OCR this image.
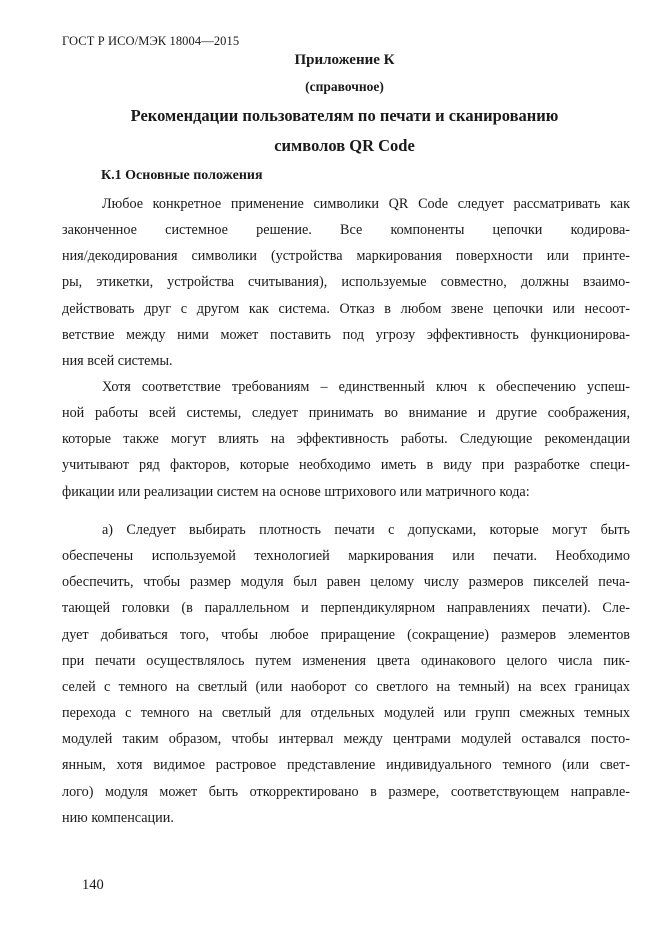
ГОСТ Р ИСО/МЭК 18004—2015
Приложение К
(справочное)
Рекомендации пользователям по печати и сканированию
символов QR Code
К.1 Основные положения
Любое конкретное применение символики QR Code следует рассматривать как
законченное системное решение. Все компоненты цепочки кодирова-
ния/декодирования символики (устройства маркирования поверхности или принте-
ры, этикетки, устройства считывания), используемые совместно, должны взаимо-
действовать друг с другом как система. Отказ в любом звене цепочки или несоот-
ветствие между ними может поставить под угрозу эффективность функционирова-
ния всей системы.
Хотя соответствие требованиям – единственный ключ к обеспечению успеш-
ной работы всей системы, следует принимать во внимание и другие соображения,
которые также могут влиять на эффективность работы. Следующие рекомендации
учитывают ряд факторов, которые необходимо иметь в виду при разработке специ-
фикации или реализации систем на основе штрихового или матричного кода:
а) Следует выбирать плотность печати с допусками, которые могут быть
обеспечены используемой технологией маркирования или печати. Необходимо
обеспечить, чтобы размер модуля был равен целому числу размеров пикселей печа-
тающей головки (в параллельном и перпендикулярном направлениях печати). Сле-
дует добиваться того, чтобы любое приращение (сокращение) размеров элементов
при печати осуществлялось путем изменения цвета одинакового целого числа пик-
селей с темного на светлый (или наоборот со светлого на темный) на всех границах
перехода с темного на светлый для отдельных модулей или групп смежных темных
модулей таким образом, чтобы интервал между центрами модулей оставался посто-
янным, хотя видимое растровое представление индивидуального темного (или свет-
лого) модуля может быть откорректировано в размере, соответствующем направле-
нию компенсации.
140
